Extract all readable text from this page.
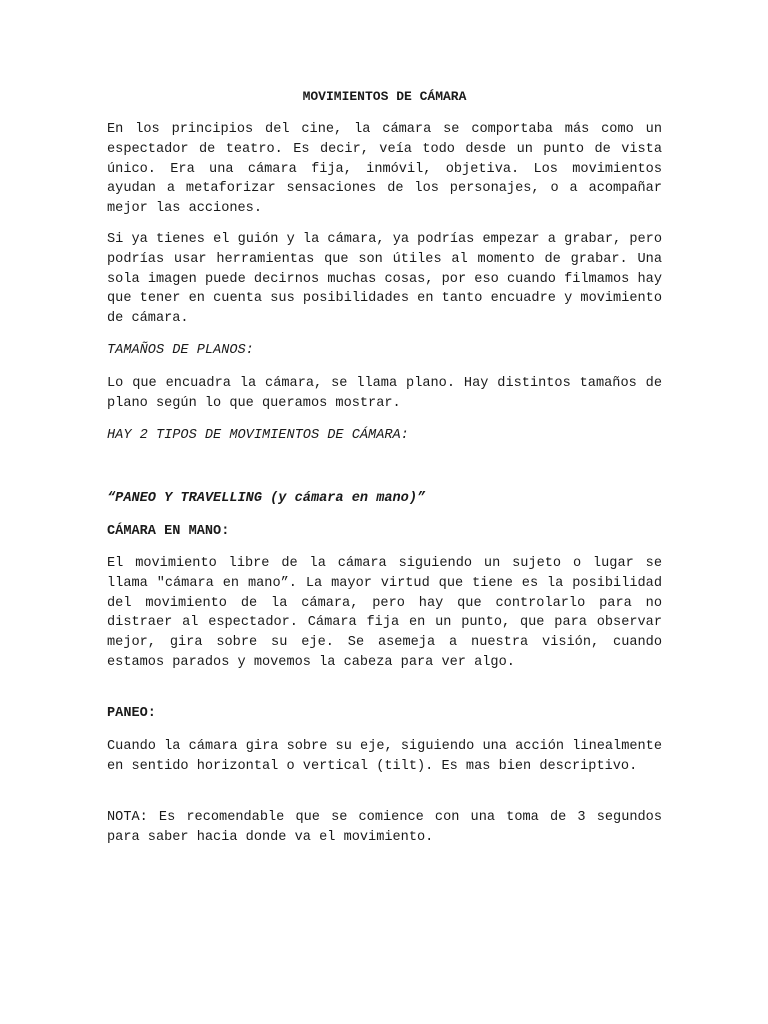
MOVIMIENTOS DE CÁMARA

En los principios del cine, la cámara se comportaba más como un espectador de teatro. Es decir, veía todo desde un punto de vista único. Era una cámara fija, inmóvil, objetiva. Los movimientos ayudan a metaforizar sensaciones de los personajes, o a acompañar mejor las acciones.

Si ya tienes el guión y la cámara, ya podrías empezar a grabar, pero podrías usar herramientas que son útiles al momento de grabar. Una sola imagen puede decirnos muchas cosas, por eso cuando filmamos hay que tener en cuenta sus posibilidades en tanto encuadre y movimiento de cámara.

TAMAÑOS DE PLANOS:

Lo que encuadra la cámara, se llama plano. Hay distintos tamaños de plano según lo que queramos mostrar.

HAY 2 TIPOS DE MOVIMIENTOS DE CÁMARA:

“PANEO Y TRAVELLING (y cámara en mano)”

CÁMARA EN MANO:

El movimiento libre de la cámara siguiendo un sujeto o lugar se llama "cámara en mano”. La mayor virtud que tiene es la posibilidad del movimiento de la cámara, pero hay que controlarlo para no distraer al espectador. Cámara fija en un punto, que para observar mejor, gira sobre su eje. Se asemeja a nuestra visión, cuando estamos parados y movemos la cabeza para ver algo.

PANEO:

Cuando la cámara gira sobre su eje, siguiendo una acción linealmente en sentido horizontal o vertical (tilt). Es mas bien descriptivo.

NOTA: Es recomendable que se comience con una toma de 3 segundos para saber hacia donde va el movimiento.
